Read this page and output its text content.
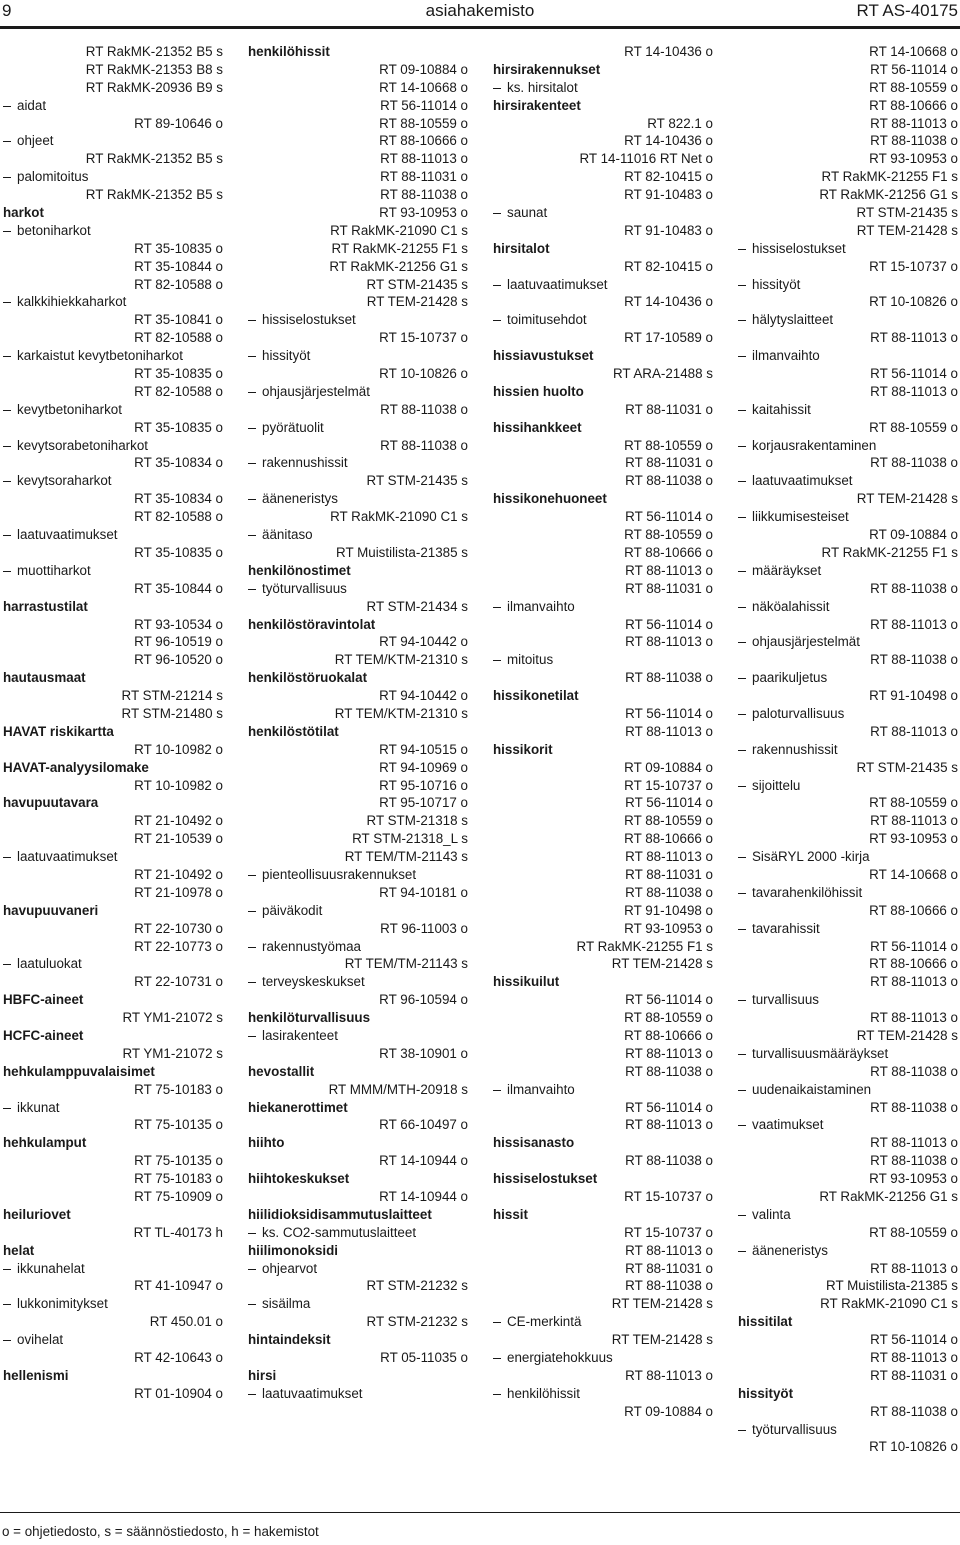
9	asiahakemisto	RT AS-40175
RT RakMK-21352 B5 s
RT RakMK-21353 B8 s
RT RakMK-20936 B9 s
aidat
RT 89-10646 o
ohjeet
RT RakMK-21352 B5 s
palomitoitus
RT RakMK-21352 B5 s
harkot
betoniharkot
RT 35-10835 o
RT 35-10844 o
RT 82-10588 o
kalkkihiekkaharkot
RT 35-10841 o
RT 82-10588 o
karkaistut kevytbetoniharkot
RT 35-10835 o
RT 82-10588 o
kevytbetoniharkot
RT 35-10835 o
kevytsorabetoniharkot
RT 35-10834 o
kevytsoraharkot
RT 35-10834 o
RT 82-10588 o
laatuvaatimukset
RT 35-10835 o
muottiharkot
RT 35-10844 o
harrastustilat
RT 93-10534 o
RT 96-10519 o
RT 96-10520 o
hautausmaat
RT STM-21214 s
RT STM-21480 s
HAVAT riskikartta
RT 10-10982 o
HAVAT-analyysilomake
RT 10-10982 o
havupuutavara
RT 21-10492 o
RT 21-10539 o
laatuvaatimukset
RT 21-10492 o
RT 21-10978 o
havupuuvaneri
RT 22-10730 o
RT 22-10773 o
laatuluokat
RT 22-10731 o
HBFC-aineet
RT YM1-21072 s
HCFC-aineet
RT YM1-21072 s
hehkulamppuvalaisimet
RT 75-10183 o
ikkunat
RT 75-10135 o
hehkulamput
RT 75-10135 o
RT 75-10183 o
RT 75-10909 o
heiluriovet
RT TL-40173 h
helat
ikkunahelat
RT 41-10947 o
lukkonimitykset
RT 450.01 o
ovihelat
RT 42-10643 o
hellenismi
RT 01-10904 o
henkilöhissit
RT 09-10884 o
RT 14-10668 o
RT 56-11014 o
RT 88-10559 o
RT 88-10666 o
RT 88-11013 o
RT 88-11031 o
RT 88-11038 o
RT 93-10953 o
RT RakMK-21090 C1 s
RT RakMK-21255 F1 s
RT RakMK-21256 G1 s
RT STM-21435 s
RT TEM-21428 s
hissiselostukset
RT 15-10737 o
hissityöt
RT 10-10826 o
ohjausjärjestelmät
RT 88-11038 o
pyörätuolit
RT 88-11038 o
rakennushissit
RT STM-21435 s
ääneneristys
RT RakMK-21090 C1 s
äänitaso
RT Muistilista-21385 s
henkilönostimet
työturvallisuus
RT STM-21434 s
henkilöstöravintolat
RT 94-10442 o
RT TEM/KTM-21310 s
henkilöstöruokalat
RT 94-10442 o
RT TEM/KTM-21310 s
henkilöstötilat
RT 94-10515 o
RT 94-10969 o
RT 95-10716 o
RT 95-10717 o
RT STM-21318 s
RT STM-21318_L s
RT TEM/TM-21143 s
pienteollisuusrakennukset
RT 94-10181 o
päiväkodit
RT 96-11003 o
rakennustyömaa
RT TEM/TM-21143 s
terveyskeskukset
RT 96-10594 o
henkilöturvallisuus
lasirakenteet
RT 38-10901 o
hevostallit
RT MMM/MTH-20918 s
hiekanerottimet
RT 66-10497 o
hiihto
RT 14-10944 o
hiihtokeskukset
RT 14-10944 o
hiilidioksidisammutuslaitteet
ks. CO2-sammutuslaitteet
hiilimonoksidi
ohjearvot
RT STM-21232 s
sisäilma
RT STM-21232 s
hintaindeksit
RT 05-11035 o
hirsi
laatuvaatimukset
RT 14-10436 o
hirsirakennukset
ks. hirsitalot
hirsirakenteet
RT 822.1 o
RT 14-10436 o
RT 14-11016 RT Net o
RT 82-10415 o
RT 91-10483 o
saunat
RT 91-10483 o
hirsitalot
RT 82-10415 o
laatuvaatimukset
RT 14-10436 o
toimitusehdot
RT 17-10589 o
hissiavustukset
RT ARA-21488 s
hissien huolto
RT 88-11031 o
hissihankkeet
RT 88-10559 o
RT 88-11031 o
RT 88-11038 o
hissikonehuoneet
RT 56-11014 o
RT 88-10559 o
RT 88-10666 o
RT 88-11013 o
RT 88-11031 o
ilmanvaihto
RT 56-11014 o
RT 88-11013 o
mitoitus
RT 88-11038 o
hissikonetilat
RT 56-11014 o
RT 88-11013 o
hissikorit
RT 09-10884 o
RT 15-10737 o
RT 56-11014 o
RT 88-10559 o
RT 88-10666 o
RT 88-11013 o
RT 88-11031 o
RT 88-11038 o
RT 91-10498 o
RT 93-10953 o
RT RakMK-21255 F1 s
RT TEM-21428 s
hissikuilut
RT 56-11014 o
RT 88-10559 o
RT 88-10666 o
RT 88-11013 o
RT 88-11038 o
ilmanvaihto
RT 56-11014 o
RT 88-11013 o
hissisanasto
RT 88-11038 o
hissiselostukset
RT 15-10737 o
hissit
RT 15-10737 o
RT 88-11013 o
RT 88-11031 o
RT 88-11038 o
RT TEM-21428 s
CE-merkintä
RT TEM-21428 s
energiatehokkuus
RT 88-11013 o
henkilöhissit
RT 09-10884 o
RT 14-10668 o
RT 56-11014 o
RT 88-10559 o
RT 88-10666 o
RT 88-11013 o
RT 88-11038 o
RT 93-10953 o
RT RakMK-21255 F1 s
RT RakMK-21256 G1 s
RT STM-21435 s
RT TEM-21428 s
hissiselostukset
RT 15-10737 o
hissityöt
RT 10-10826 o
hälytyslaitteet
RT 88-11013 o
ilmanvaihto
RT 56-11014 o
RT 88-11013 o
kaitahissit
RT 88-10559 o
korjausrakentaminen
RT 88-11038 o
laatuvaatimukset
RT TEM-21428 s
liikkumisesteiset
RT 09-10884 o
RT RakMK-21255 F1 s
määräykset
RT 88-11038 o
näköalahissit
RT 88-11013 o
ohjausjärjestelmät
RT 88-11038 o
paarikuljetus
RT 91-10498 o
paloturvallisuus
RT 88-11013 o
rakennushissit
RT STM-21435 s
sijoittelu
RT 88-10559 o
RT 88-11013 o
RT 93-10953 o
SisäRYL 2000 -kirja
RT 14-10668 o
tavarahenkilöhissit
RT 88-10666 o
tavarahissit
RT 56-11014 o
RT 88-10666 o
RT 88-11013 o
turvallisuus
RT 88-11013 o
RT TEM-21428 s
turvallisuusmääräykset
RT 88-11038 o
uudenaikaistaminen
RT 88-11038 o
vaatimukset
RT 88-11013 o
RT 88-11038 o
RT 93-10953 o
RT RakMK-21256 G1 s
valinta
RT 88-10559 o
ääneneristys
RT 88-11013 o
RT Muistilista-21385 s
RT RakMK-21090 C1 s
hissitilat
RT 56-11014 o
RT 88-11013 o
RT 88-11031 o
hissityöt
RT 88-11038 o
työturvallisuus
RT 10-10826 o
o = ohjetiedosto, s = säännöstiedosto, h = hakemistot
